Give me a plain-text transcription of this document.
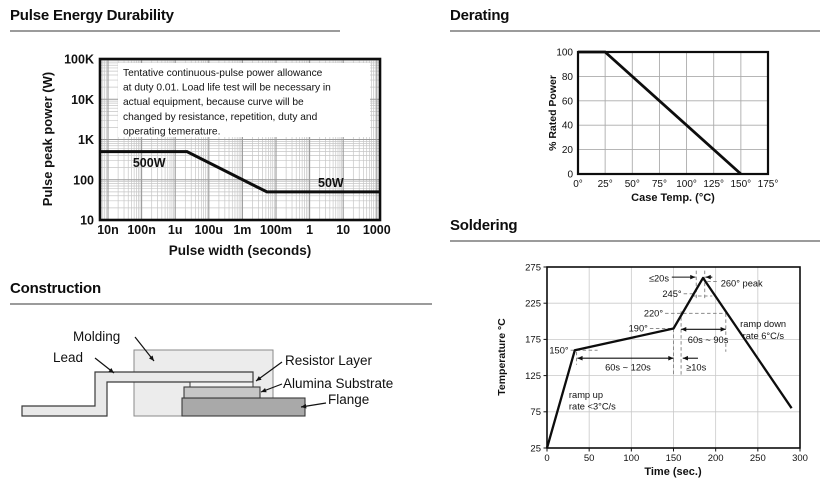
Pulse Energy Durability	Derating
Construction
Soldering
Tentative continuous-pulse power allowance
at duty 0.01. Load life test will be necessary in
actual equipment, because curve will be
changed by resistance, repetition, duty and
operating temerature.
500W
50W
10
100
1K
10K
100K
10n 100n 1u 100u 1m 100m 1 10 1000
Pulse width (seconds)
Pulse peak power (W)	0
20
40
60
80
100
0° 25° 50° 75° 100° 125° 150° 175°
Case Temp. (°C)
% Rated Power
Molding
Lead	Resistor Layer
Alumina Substrate
Flange
150°
190°
220°
245°
≤20s
260° peak
60s ~ 120s	≥10s
60s ~ 90s
ramp up
rate <3°C/s
ramp down
rate 6°C/s
25
75
125
175
225
275
0	50	100	150	200	250	300
Time (sec.)
Temperature °C
